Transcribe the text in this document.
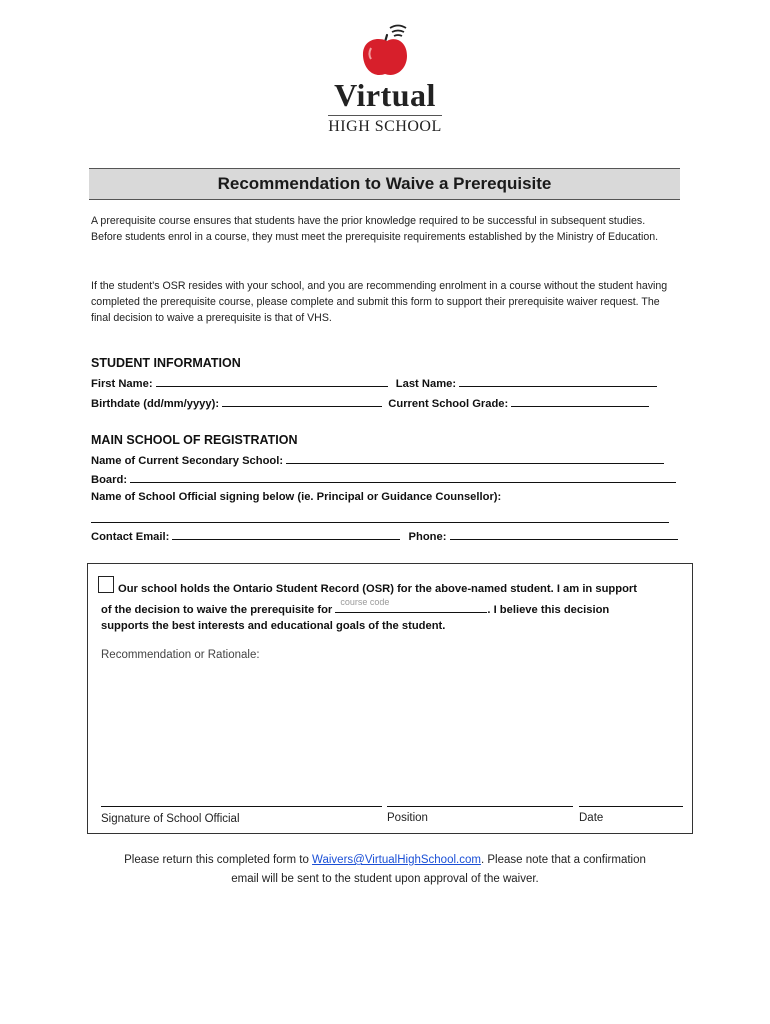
Virtual
HIGH SCHOOL
Recommendation to Waive a Prerequisite
A prerequisite course ensures that students have the prior knowledge required to be successful in subsequent studies. Before students enrol in a course, they must meet the prerequisite requirements established by the Ministry of Education.
If the student's OSR resides with your school, and you are recommending enrolment in a course without the student having completed the prerequisite course, please complete and submit this form to support their prerequisite waiver request. The final decision to waive a prerequisite is that of VHS.
STUDENT INFORMATION
First Name:	Last Name:
Birthdate (dd/mm/yyyy):	Current School Grade:
MAIN SCHOOL OF REGISTRATION
Name of Current Secondary School:
Board:
Name of School Official signing below (ie. Principal or Guidance Counsellor):
Contact Email:	Phone:
Our school holds the Ontario Student Record (OSR) for the above-named student. I am in support
of the decision to waive the prerequisite for
course code
. I believe this decision
supports the best interests and educational goals of the student.
Recommendation or Rationale:
Signature of School Official	Position	Date
Please return this completed form to Waivers@VirtualHighSchool.com. Please note that a confirmation
email will be sent to the student upon approval of the waiver.
